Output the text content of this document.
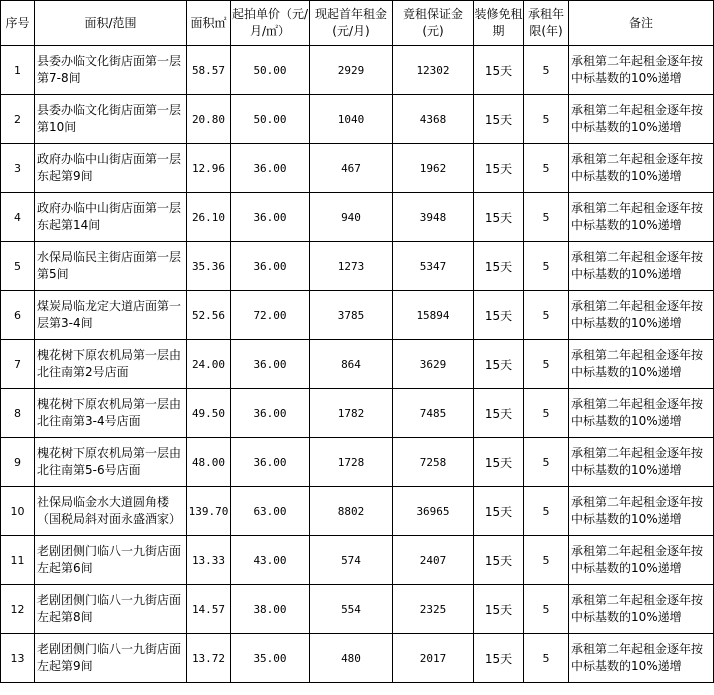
序号	面积/范围	面积㎡	起拍单价（元/月/㎡）	现起首年租金(元/月)	竟租保证金(元)	装修免租期	承租年限(年)	备注
1	县委办临文化街店面第一层第7-8间	58.57	50.00	2929	12302	15天	5	承租第二年起租金逐年按中标基数的10%递增
2	县委办临文化街店面第一层第10间	20.80	50.00	1040	4368	15天	5	承租第二年起租金逐年按中标基数的10%递增
3	政府办临中山街店面第一层东起第9间	12.96	36.00	467	1962	15天	5	承租第二年起租金逐年按中标基数的10%递增
4	政府办临中山街店面第一层东起第14间	26.10	36.00	940	3948	15天	5	承租第二年起租金逐年按中标基数的10%递增
5	水保局临民主街店面第一层第5间	35.36	36.00	1273	5347	15天	5	承租第二年起租金逐年按中标基数的10%递增
6	煤炭局临龙定大道店面第一层第3-4间	52.56	72.00	3785	15894	15天	5	承租第二年起租金逐年按中标基数的10%递增
7	槐花树下原农机局第一层由北往南第2号店面	24.00	36.00	864	3629	15天	5	承租第二年起租金逐年按中标基数的10%递增
8	槐花树下原农机局第一层由北往南第3-4号店面	49.50	36.00	1782	7485	15天	5	承租第二年起租金逐年按中标基数的10%递增
9	槐花树下原农机局第一层由北往南第5-6号店面	48.00	36.00	1728	7258	15天	5	承租第二年起租金逐年按中标基数的10%递增
10	社保局临金水大道圆角楼（国税局斜对面永盛酒家）	139.70	63.00	8802	36965	15天	5	承租第二年起租金逐年按中标基数的10%递增
11	老剧团侧门临八一九街店面左起第6间	13.33	43.00	574	2407	15天	5	承租第二年起租金逐年按中标基数的10%递增
12	老剧团侧门临八一九街店面左起第8间	14.57	38.00	554	2325	15天	5	承租第二年起租金逐年按中标基数的10%递增
13	老剧团侧门临八一九街店面左起第9间	13.72	35.00	480	2017	15天	5	承租第二年起租金逐年按中标基数的10%递增
